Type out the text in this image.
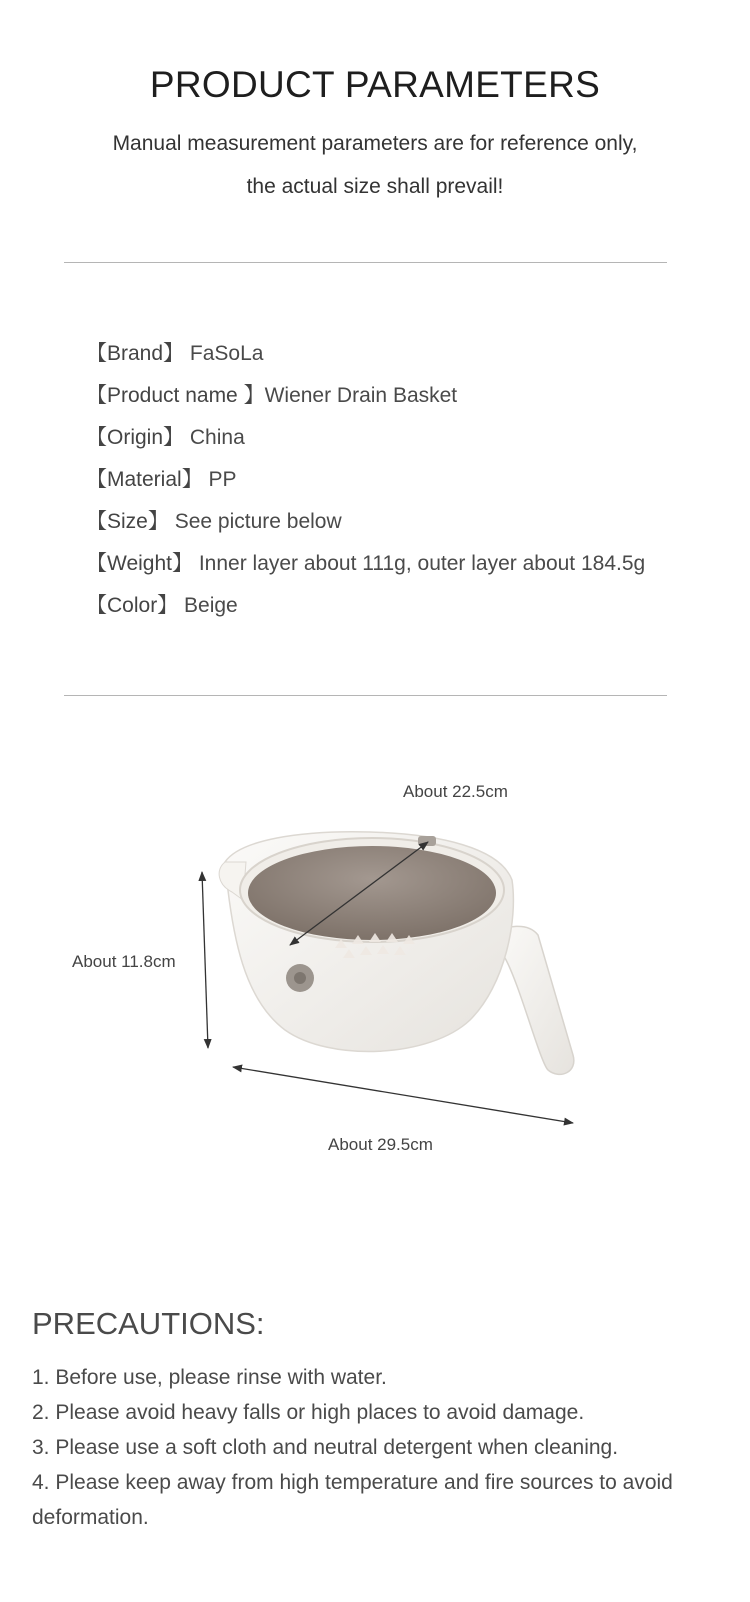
PRODUCT PARAMETERS
Manual measurement parameters are for reference only, the actual size shall prevail!
【Brand】 FaSoLa
【Product name 】Wiener Drain Basket
【Origin】 China
【Material】 PP
【Size】 See picture below
【Weight】 Inner layer about 111g, outer layer about 184.5g
【Color】 Beige
About 22.5cm
About 11.8cm
About 29.5cm
PRECAUTIONS:
1. Before use, please rinse with water.
2. Please avoid heavy falls or high places to avoid damage.
3. Please use a soft cloth and neutral detergent when cleaning.
4. Please keep away from high temperature and fire sources to avoid deformation.
